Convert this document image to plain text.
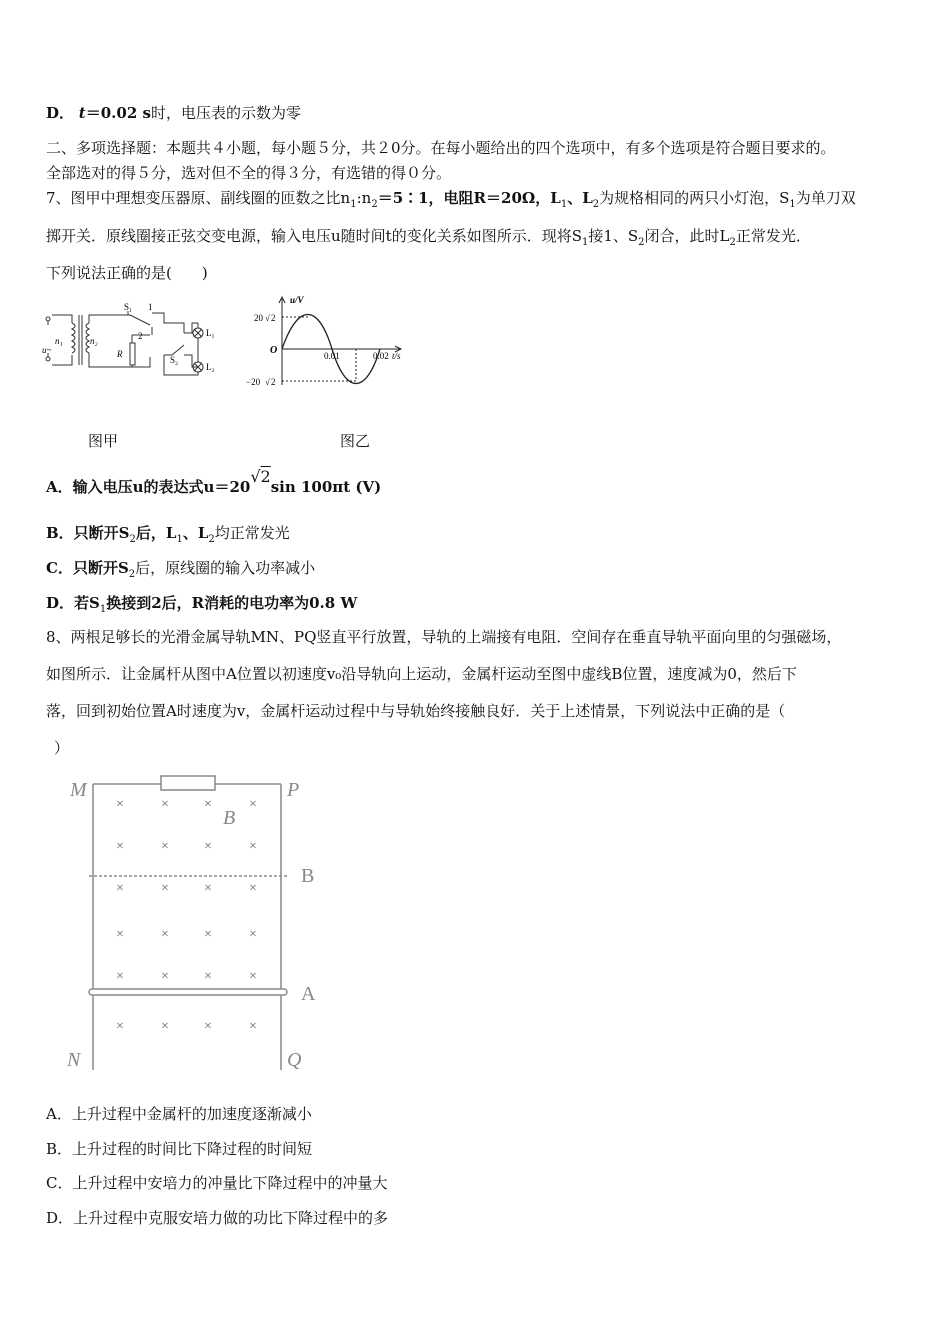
D． t＝0.02 s时，电压表的示数为零
二、多项选择题：本题共４小题，每小题５分，共２0分。在每小题给出的四个选项中，有多个选项是符合题目要求的。
全部选对的得５分，选对但不全的得３分，有选错的得０分。
7、图甲中理想变压器原、副线圈的匝数之比$n_1:n_2=5∶1$，电阻R＝20Ω，$L_1$、$L_2$为规格相同的两只小灯泡，$S_1$为单刀双
掷开关．原线圈接正弦交变电源，输入电压u随时间t的变化关系如图所示．现将$S_1$接1、$S_2$闭合，此时$L_2$正常发光．
下列说法正确的是(　　)
n₁	n₂
u~
S₁ 1
2
R
S₂
L₁
L₂
u/V
20 √ 2
O	0.01	0.02 t/s
−20 √ 2
图甲	图乙
A．输入电压u的表达式u＝20√2sin 100πt (V)
B．只断开$S_2$后，$L_1$、$L_2$均正常发光
C．只断开$S_2$后，原线圈的输入功率减小
D．若$S_1$换接到2后，R消耗的电功率为0.8 W
8、两根足够长的光滑金属导轨MN、PQ竖直平行放置，导轨的上端接有电阻．空间存在垂直导轨平面向里的匀强磁场，
如图所示．让金属杆从图中A位置以初速度v₀沿导轨向上运动，金属杆运动至图中虚线B位置，速度减为0，然后下
落，回到初始位置A时速度为v，金属杆运动过程中与导轨始终接触良好．关于上述情景，下列说法中正确的是（
）
×	×	×	×
×	×	×	×
×	×	×	×
×	×	×	×
×	×	×	×
×	×	×	×
M	P
B
B
A
N	Q
A．上升过程中金属杆的加速度逐渐减小
B．上升过程的时间比下降过程的时间短
C．上升过程中安培力的冲量比下降过程中的冲量大
D．上升过程中克服安培力做的功比下降过程中的多
